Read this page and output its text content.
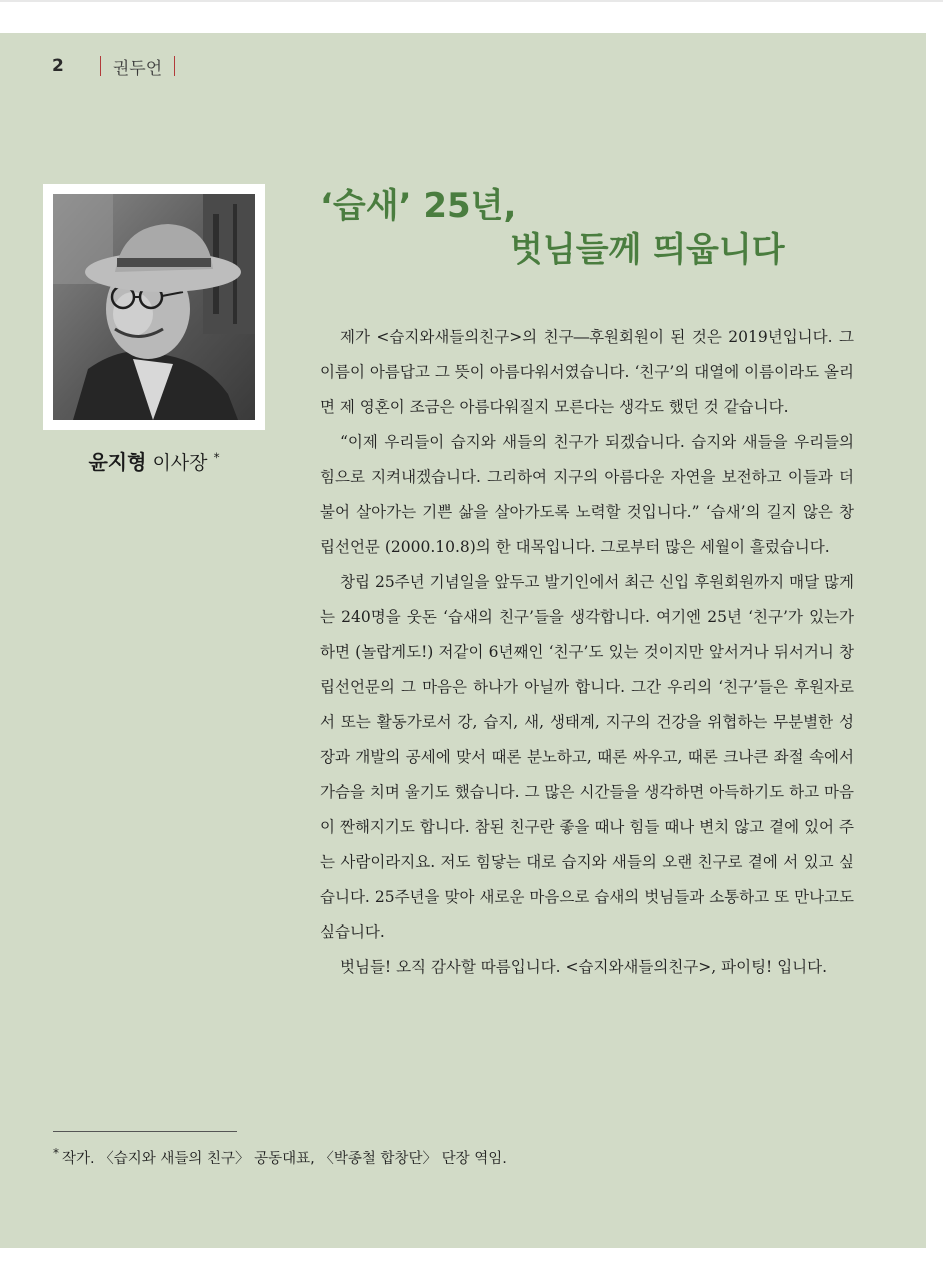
2	권두언
윤지형 이사장 *
‘습새’ 25년,
벗님들께 띄웁니다

제가 <습지와새들의친구>의 친구―후원회원이 된 것은 2019년입니다. 그 이름이 아름답고 그 뜻이 아름다워서였습니다. ‘친구’의 대열에 이름이라도 올리면 제 영혼이 조금은 아름다워질지 모른다는 생각도 했던 것 같습니다.

“이제 우리들이 습지와 새들의 친구가 되겠습니다. 습지와 새들을 우리들의 힘으로 지켜내겠습니다. 그리하여 지구의 아름다운 자연을 보전하고 이들과 더불어 살아가는 기쁜 삶을 살아가도록 노력할 것입니다.” ‘습새’의 길지 않은 창립선언문 (2000.10.8)의 한 대목입니다. 그로부터 많은 세월이 흘렀습니다.

창립 25주년 기념일을 앞두고 발기인에서 최근 신입 후원회원까지 매달 많게는 240명을 웃돈 ‘습새의 친구’들을 생각합니다. 여기엔 25년 ‘친구’가 있는가 하면 (놀랍게도!) 저같이 6년째인 ‘친구’도 있는 것이지만 앞서거나 뒤서거니 창립선언문의 그 마음은 하나가 아닐까 합니다. 그간 우리의 ‘친구’들은 후원자로서 또는 활동가로서 강, 습지, 새, 생태계, 지구의 건강을 위협하는 무분별한 성장과 개발의 공세에 맞서 때론 분노하고, 때론 싸우고, 때론 크나큰 좌절 속에서 가슴을 치며 울기도 했습니다. 그 많은 시간들을 생각하면 아득하기도 하고 마음이 짠해지기도 합니다. 참된 친구란 좋을 때나 힘들 때나 변치 않고 곁에 있어 주는 사람이라지요. 저도 힘닿는 대로 습지와 새들의 오랜 친구로 곁에 서 있고 싶습니다. 25주년을 맞아 새로운 마음으로 습새의 벗님들과 소통하고 또 만나고도 싶습니다.

벗님들! 오직 감사할 따름입니다. <습지와새들의친구>, 파이팅! 입니다.

* 작가. 〈습지와 새들의 친구〉 공동대표, 〈박종철 합창단〉 단장 역임.
